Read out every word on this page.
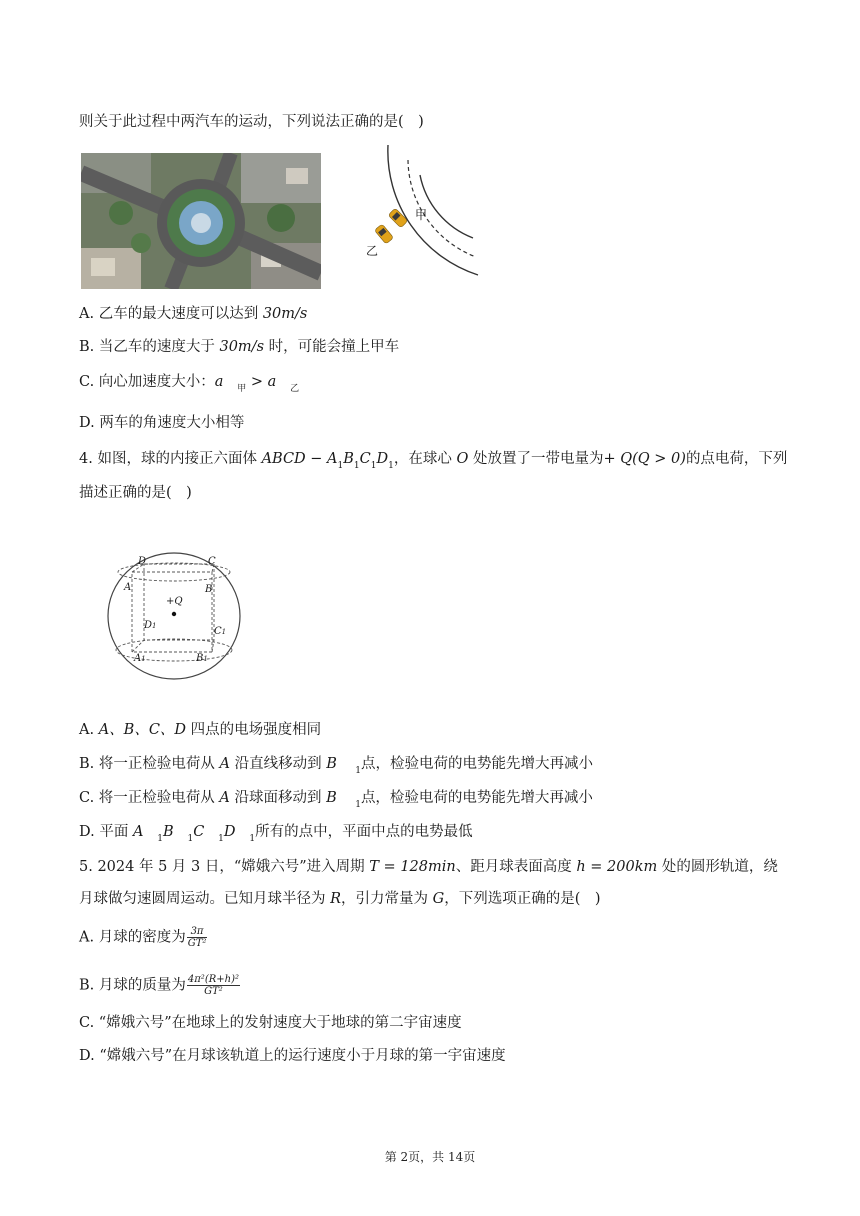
则关于此过程中两汽车的运动，下列说法正确的是(　)
甲
乙
A. 乙车的最大速度可以达到 30m/s
B. 当乙车的速度大于 30m/s 时，可能会撞上甲车
C. 向心加速度大小：a $_甲$ > a $_乙$
D. 两车的角速度大小相等
4. 如图，球的内接正六面体 ABCD − $A_1B_1C_1D_1$，在球心 O 处放置了一带电量为+ Q(Q > 0)的点电荷，下列
描述正确的是(　)
D	C
A	B
+Q
D1	C1
A1	B1
A. A、B、C、D 四点的电场强度相同
B. 将一正检验电荷从 A 沿直线移动到 B $_1$点，检验电荷的电势能先增大再减小
C. 将一正检验电荷从 A 沿球面移动到 B $_1$点，检验电荷的电势能先增大再减小
D. 平面 A $_1$B $_1$C $_1$D $_1$所有的点中，平面中点的电势最低
5. 2024 年 5 月 3 日，“嫦娥六号”进入周期 T = 128min、距月球表面高度 h = 200km 处的圆形轨道，绕
月球做匀速圆周运动。已知月球半径为 R，引力常量为 G，下列选项正确的是(　)
A. 月球的密度为 $\frac{3\pi}{\text{GT²}}$
B. 月球的质量为 $\frac{\text{4π²(R+h)²}}{\text{GT²}}$
C. “嫦娥六号”在地球上的发射速度大于地球的第二宇宙速度
D. “嫦娥六号”在月球该轨道上的运行速度小于月球的第一宇宙速度
第 2页，共 14页
